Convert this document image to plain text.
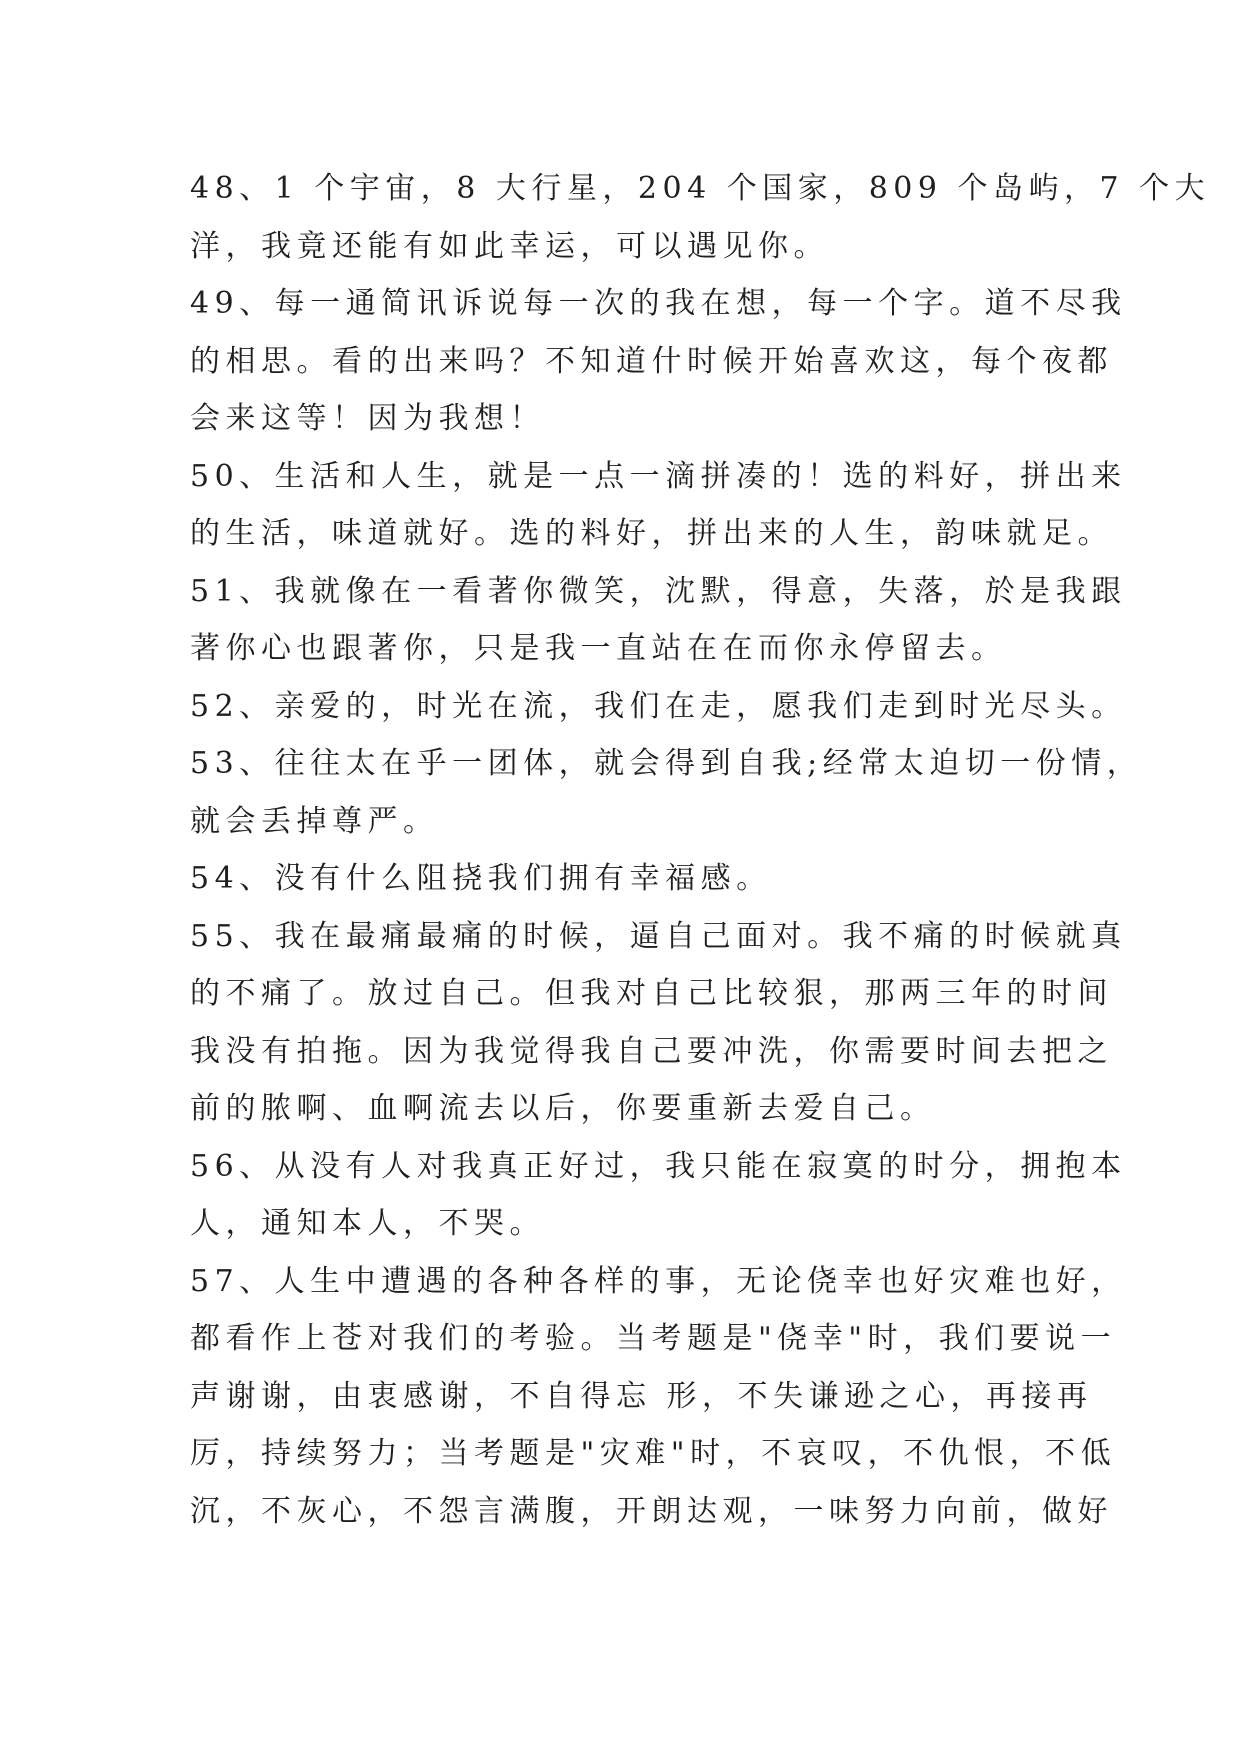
48、1 个宇宙，8 大行星，204 个国家，809 个岛屿，7 个大
洋，我竟还能有如此幸运，可以遇见你。
49、每一通简讯诉说每一次的我在想，每一个字。道不尽我
的相思。看的出来吗？不知道什时候开始喜欢这，每个夜都
会来这等！因为我想！
50、生活和人生，就是一点一滴拼凑的！选的料好，拼出来
的生活，味道就好。选的料好，拼出来的人生，韵味就足。
51、我就像在一看著你微笑，沈默，得意，失落，於是我跟
著你心也跟著你，只是我一直站在在而你永停留去。
52、亲爱的，时光在流，我们在走，愿我们走到时光尽头。
53、往往太在乎一团体，就会得到自我;经常太迫切一份情，
就会丢掉尊严。
54、没有什么阻挠我们拥有幸福感。
55、我在最痛最痛的时候，逼自己面对。我不痛的时候就真
的不痛了。放过自己。但我对自己比较狠，那两三年的时间
我没有拍拖。因为我觉得我自己要冲洗，你需要时间去把之
前的脓啊、血啊流去以后，你要重新去爱自己。
56、从没有人对我真正好过，我只能在寂寞的时分，拥抱本
人，通知本人，不哭。
57、人生中遭遇的各种各样的事，无论侥幸也好灾难也好，
都看作上苍对我们的考验。当考题是"侥幸"时，我们要说一
声谢谢，由衷感谢，不自得忘 形，不失谦逊之心，再接再
厉，持续努力；当考题是"灾难"时，不哀叹，不仇恨，不低
沉，不灰心，不怨言满腹，开朗达观，一味努力向前，做好
